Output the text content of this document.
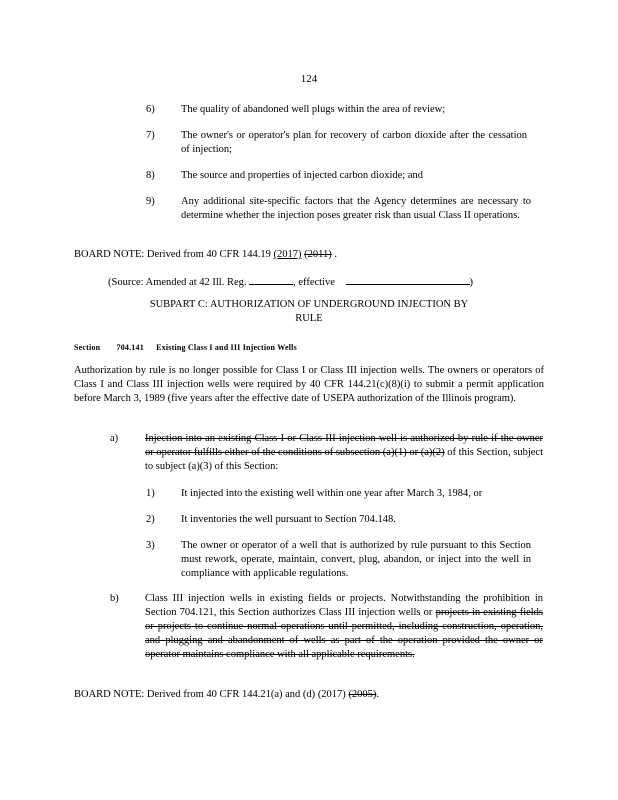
124
6)	The quality of abandoned well plugs within the area of review;
7)	The owner's or operator's plan for recovery of carbon dioxide after the cessation of injection;
8)	The source and properties of injected carbon dioxide; and
9)	Any additional site-specific factors that the Agency determines are necessary to determine whether the injection poses greater risk than usual Class II operations.
BOARD NOTE: Derived from 40 CFR 144.19 (2017) (2011) .
(Source: Amended at 42 Ill. Reg.	, effective	)
SUBPART C: AUTHORIZATION OF UNDERGROUND INJECTION BY
RULE
Section 704.141 Existing Class I and III Injection Wells
Authorization by rule is no longer possible for Class I or Class III injection wells. The owners or operators of Class I and Class III injection wells were required by 40 CFR 144.21(c)(8)(i) to submit a permit application before March 3, 1989 (five years after the effective date of USEPA authorization of the Illinois program).
a)	Injection into an existing Class I or Class III injection well is authorized by rule if the owner or operator fulfills either of the conditions of subsection (a)(1) or (a)(2) of this Section, subject to subject (a)(3) of this Section:
1)	It injected into the existing well within one year after March 3, 1984, or
2)	It inventories the well pursuant to Section 704.148.
3)	The owner or operator of a well that is authorized by rule pursuant to this Section must rework, operate, maintain, convert, plug, abandon, or inject into the well in compliance with applicable regulations.
b)	Class III injection wells in existing fields or projects. Notwithstanding the prohibition in Section 704.121, this Section authorizes Class III injection wells or projects in existing fields or projects to continue normal operations until permitted, including construction, operation, and plugging and abandonment of wells as part of the operation provided the owner or operator maintains compliance with all applicable requirements.
BOARD NOTE: Derived from 40 CFR 144.21(a) and (d) (2017) (2005).
